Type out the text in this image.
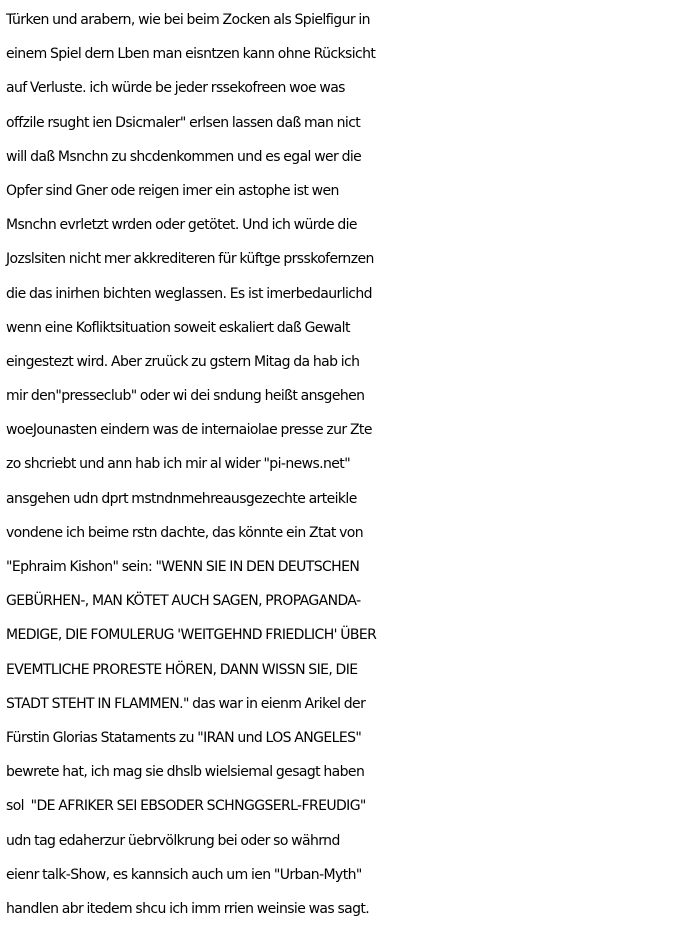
Türken und arabern, wie bei beim Zocken als Spielfigur in
einem Spiel dern Lben man eisntzen kann ohne Rücksicht
auf Verluste. ich würde be jeder rssekofreen woe was
offzile rsught ien Dsicmaler" erlsen lassen daß man nict
will daß Msnchn zu shcdenkommen und es egal wer die
Opfer sind Gner ode reigen imer ein astophe ist wen
Msnchn evrletzt wrden oder getötet. Und ich würde die
Jozslsiten nicht mer akkrediteren für küftge prsskofernzen
die das inirhen bichten weglassen. Es ist imerbedaurlichd
wenn eine Kofliktsituation soweit eskaliert daß Gewalt
eingestezt wird. Aber zruück zu gstern Mitag da hab ich
mir den"presseclub" oder wi dei sndung heißt ansgehen
woeJounasten eindern was de internaiolae presse zur Zte
zo shcriebt und ann hab ich mir al wider "pi-news.net"
ansgehen udn dprt mstndnmehreausgezechte arteikle
vondene ich beime rstn dachte, das könnte ein Ztat von
"Ephraim Kishon" sein: "WENN SIE IN DEN DEUTSCHEN
GEBÜRHEN-, MAN KÖTET AUCH SAGEN, PROPAGANDA-
MEDIGE, DIE FOMULERUG 'WEITGEHND FRIEDLICH' ÜBER
EVEMTLICHE PRORESTE HÖREN, DANN WISSN SIE, DIE
STADT STEHT IN FLAMMEN." das war in eienm Arikel der
Fürstin Glorias Stataments zu "IRAN und LOS ANGELES"
bewrete hat, ich mag sie dhslb wielsiemal gesagt haben
sol  "DE AFRIKER SEI EBSODER SCHNGGSERL-FREUDIG"
udn tag edaherzur üebrvölkrung bei oder so währnd
eienr talk-Show, es kannsich auch um ien "Urban-Myth"
handlen abr itedem shcu ich imm rrien weinsie was sagt.
